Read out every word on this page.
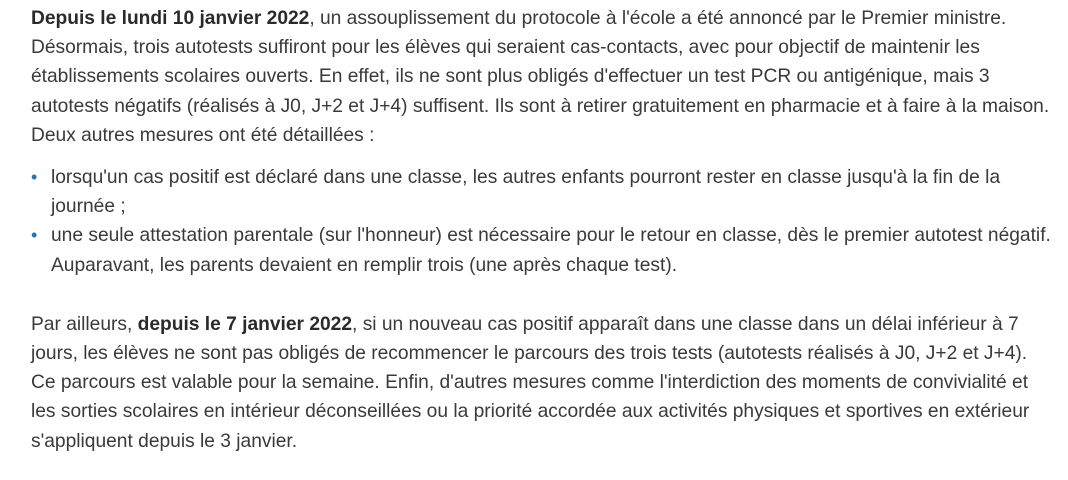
Depuis le lundi 10 janvier 2022, un assouplissement du protocole à l'école a été annoncé par le Premier ministre. Désormais, trois autotests suffiront pour les élèves qui seraient cas-contacts, avec pour objectif de maintenir les établissements scolaires ouverts. En effet, ils ne sont plus obligés d'effectuer un test PCR ou antigénique, mais 3 autotests négatifs (réalisés à J0, J+2 et J+4) suffisent. Ils sont à retirer gratuitement en pharmacie et à faire à la maison. Deux autres mesures ont été détaillées :

• lorsqu'un cas positif est déclaré dans une classe, les autres enfants pourront rester en classe jusqu'à la fin de la journée ;
• une seule attestation parentale (sur l'honneur) est nécessaire pour le retour en classe, dès le premier autotest négatif. Auparavant, les parents devaient en remplir trois (une après chaque test).

Par ailleurs, depuis le 7 janvier 2022, si un nouveau cas positif apparaît dans une classe dans un délai inférieur à 7 jours, les élèves ne sont pas obligés de recommencer le parcours des trois tests (autotests réalisés à J0, J+2 et J+4). Ce parcours est valable pour la semaine. Enfin, d'autres mesures comme l'interdiction des moments de convivialité et les sorties scolaires en intérieur déconseillées ou la priorité accordée aux activités physiques et sportives en extérieur s'appliquent depuis le 3 janvier.
